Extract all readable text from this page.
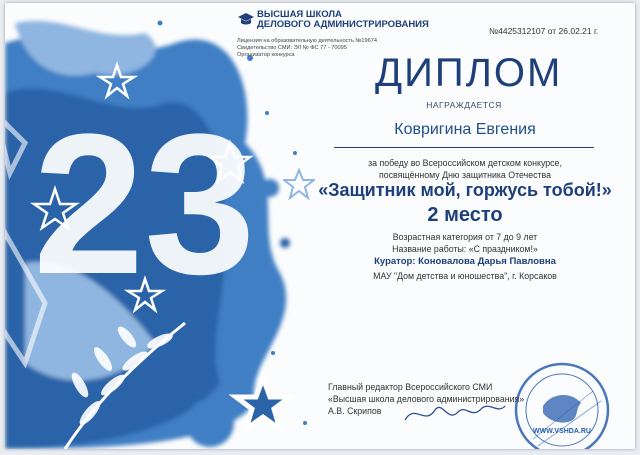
23
ВЫСШАЯ ШКОЛА
ДЕЛОВОГО АДМИНИСТРИРОВАНИЯ
Лицензия на образовательную деятельность №19674
Свидетельство СМИ: ЭЛ № ФС 77 - 70095
Организатор конкурса
№4425312107 от 26.02.21 г.
ДИПЛОМ
НАГРАЖДАЕТСЯ
Ковригина Евгения
за победу во Всероссийском детском конкурсе,
посвящённому Дню защитника Отечества
«Защитник мой, горжусь тобой!»
2 место
Возрастная категория от 7 до 9 лет
Название работы: «С праздником!»
Куратор: Коновалова Дарья Павловна
МАУ "Дом детства и юношества", г. Корсаков
WWW.VSHDA.RU
Главный редактор Всероссийского СМИ
«Высшая школа делового администрирования»
А.В. Скрипов
